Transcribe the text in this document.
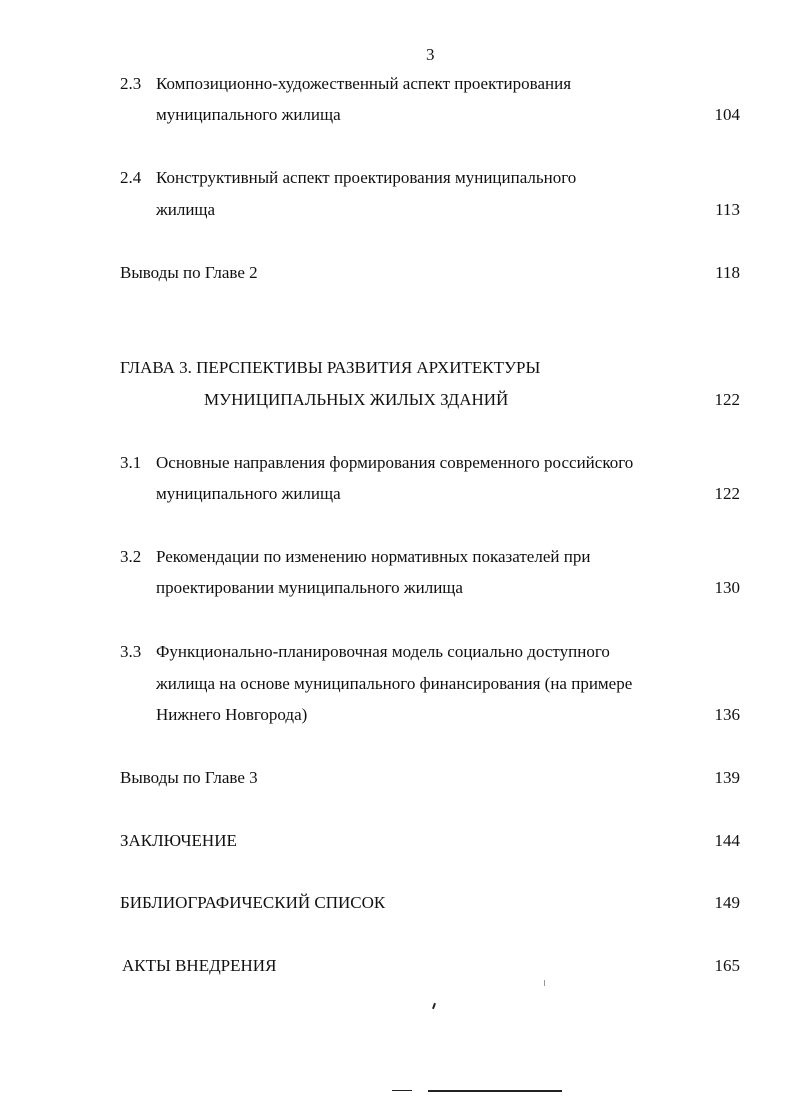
3
2.3 Композиционно-художественный аспект проектирования
муниципального жилища	104
2.4 Конструктивный аспект проектирования муниципального
жилища	113
Выводы по Главе 2	118
ГЛАВА 3. ПЕРСПЕКТИВЫ РАЗВИТИЯ АРХИТЕКТУРЫ
МУНИЦИПАЛЬНЫХ ЖИЛЫХ ЗДАНИЙ	122
3.1 Основные направления формирования современного российского
муниципального жилища	122
3.2 Рекомендации по изменению нормативных показателей при
проектировании муниципального жилища	130
3.3 Функционально-планировочная модель социально доступного
жилища на основе муниципального финансирования (на примере
Нижнего Новгорода)	136
Выводы по Главе 3	139
ЗАКЛЮЧЕНИЕ	144
БИБЛИОГРАФИЧЕСКИЙ СПИСОК	149
АКТЫ ВНЕДРЕНИЯ	165
